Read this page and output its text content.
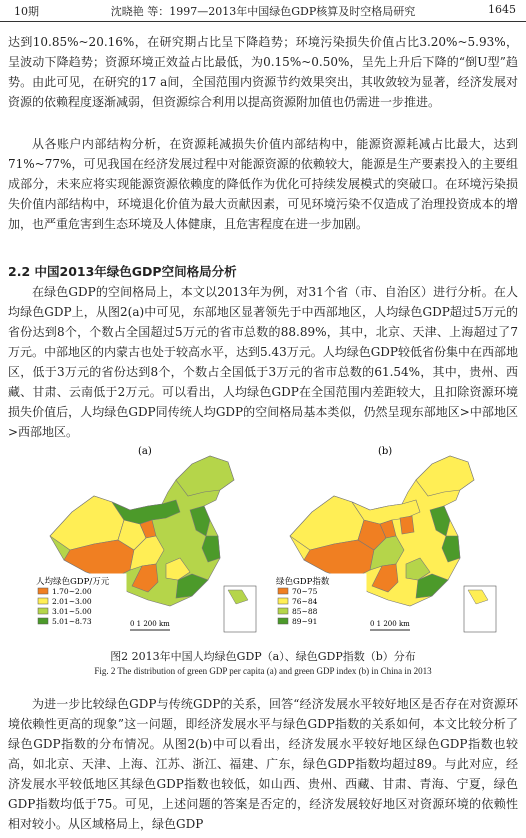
10期	沈晓艳 等：1997—2013年中国绿色GDP核算及时空格局研究	1645

达到10.85%~20.16%，在研究期占比呈下降趋势；环境污染损失价值占比3.20%~5.93%，呈波动下降趋势；资源环境正效益占比最低，为0.15%~0.50%，呈先上升后下降的“倒U型”趋势。由此可见，在研究的17 a间，全国范围内资源节约效果突出，其收敛较为显著，经济发展对资源的依赖程度逐渐减弱，但资源综合利用以提高资源附加值也仍需进一步推进。

从各账户内部结构分析，在资源耗减损失价值内部结构中，能源资源耗减占比最大，达到71%~77%，可见我国在经济发展过程中对能源资源的依赖较大，能源是生产要素投入的主要组成部分，未来应将实现能源资源依赖度的降低作为优化可持续发展模式的突破口。在环境污染损失价值内部结构中，环境退化价值为最大贡献因素，可见环境污染不仅造成了治理投资成本的增加，也严重危害到生态环境及人体健康，且危害程度在进一步加剧。

2.2 中国2013年绿色GDP空间格局分析

在绿色GDP的空间格局上，本文以2013年为例，对31个省（市、自治区）进行分析。在人均绿色GDP上，从图2(a)中可见，东部地区显著领先于中西部地区，人均绿色GDP超过5万元的省份达到8个，个数占全国超过5万元的省市总数的88.89%，其中，北京、天津、上海超过了7万元。中部地区的内蒙古也处于较高水平，达到5.43万元。人均绿色GDP较低省份集中在西部地区，低于3万元的省份达到8个，个数占全国低于3万元的省市总数的61.54%，其中，贵州、西藏、甘肃、云南低于2万元。可以看出，人均绿色GDP在全国范围内差距较大，且扣除资源环境损失价值后，人均绿色GDP同传统人均GDP的空间格局基本类似，仍然呈现东部地区>中部地区>西部地区。

(a)
人均绿色GDP/万元
1.70~2.00
2.01~3.00
3.01~5.00
5.01~8.73	0 1 200 km
(b)
绿色GDP指数
70~75
76~84
85~88
89~91	0 1 200 km
图2 2013年中国人均绿色GDP（a）、绿色GDP指数（b）分布
Fig. 2 The distribution of green GDP per capita (a) and green GDP index (b) in China in 2013

为进一步比较绿色GDP与传统GDP的关系，回答“经济发展水平较好地区是否存在对资源环境依赖性更高的现象”这一问题，即经济发展水平与绿色GDP指数的关系如何，本文比较分析了绿色GDP指数的分布情况。从图2(b)中可以看出，经济发展水平较好地区绿色GDP指数也较高，如北京、天津、上海、江苏、浙江、福建、广东，绿色GDP指数均超过89。与此对应，经济发展水平较低地区其绿色GDP指数也较低，如山西、贵州、西藏、甘肃、青海、宁夏，绿色GDP指数均低于75。可见，上述问题的答案是否定的，经济发展较好地区对资源环境的依赖性相对较小。从区域格局上，绿色GDP
